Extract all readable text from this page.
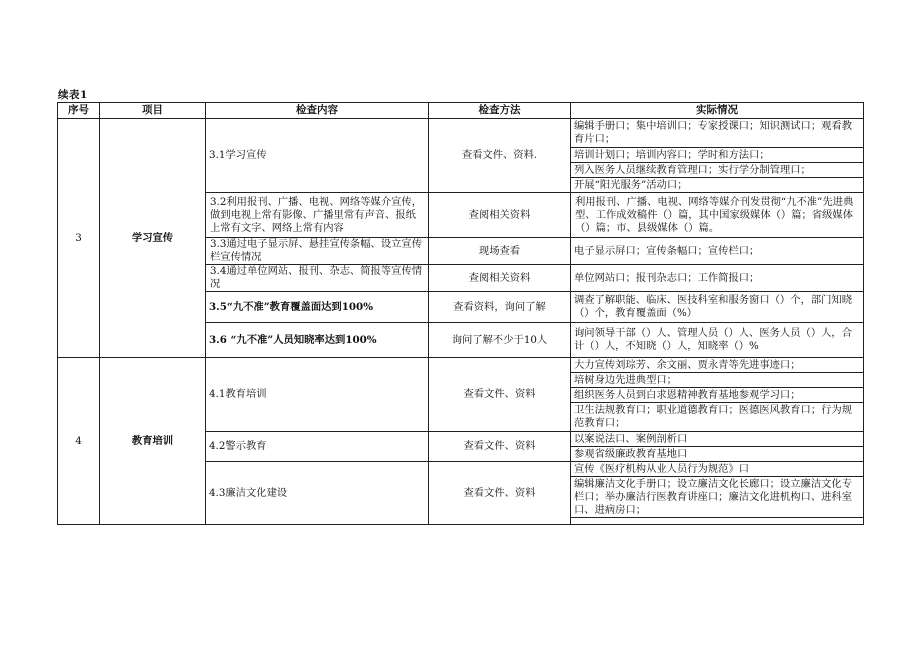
续表1
序号	项目	检查内容	检查方法	实际情况
3	学习宣传	3.1学习宣传	查看文件、资料.	编辑手册口；集中培训口；专家授课口；知识测试口；观看教育片口；
				培训计划口；培训内容口；学时和方法口；
				列入医务人员继续教育管理口；实行学分制管理口；
				开展“阳光服务”活动口；
		3.2利用报刊、广播、电视、网络等媒介宣传，做到电视上常有影像、广播里常有声音、报纸上常有文字、网络上常有内容	查阅相关资料	利用报刊、广播、电视、网络等媒介刊发贯彻“九不准”先进典型、工作成效稿件（）篇，其中国家级媒体（）篇；省级媒体（）篇；市、县级媒体（）篇。
		3.3通过电子显示屏、悬挂宣传条幅、设立宣传栏宣传情况	现场查看	电子显示屏口；宣传条幅口；宣传栏口；
		3.4通过单位网站、报刊、杂志、简报等宣传情况	查阅相关资料	单位网站口；报刊杂志口；工作简报口；
		3.5“九不准”教育覆盖面达到100%	查看资料，询问了解	调查了解职能、临床、医技科室和服务窗口（）个，部门知晓（）个，教育覆盖面（%）
		3.6 “九不准”人员知晓率达到100%	询问了解不少于10人	询问领导干部（）人、管理人员（）人、医务人员（）人，合计（）人，不知晓（）人，知晓率（）%
4	教育培训	4.1教育培训	查看文件、资料	大力宣传刘琮芳、余文丽、贾永青等先进事迹口；
				培树身边先进典型口；
				组织医务人员到白求恩精神教育基地参观学习口；
				卫生法规教育口；职业道德教育口；医德医风教育口；行为规范教育口；
		4.2警示教育	查看文件、资料	以案说法口、案例剖析口
				参观省级廉政教育基地口
		4.3廉洁文化建设	查看文件、资料	宣传《医疗机构从业人员行为规范》口
				编辑廉洁文化手册口；设立廉洁文化长廊口；设立廉洁文化专栏口；举办廉洁行医教育讲座口；廉洁文化进机构口、进科室口、进病房口；
